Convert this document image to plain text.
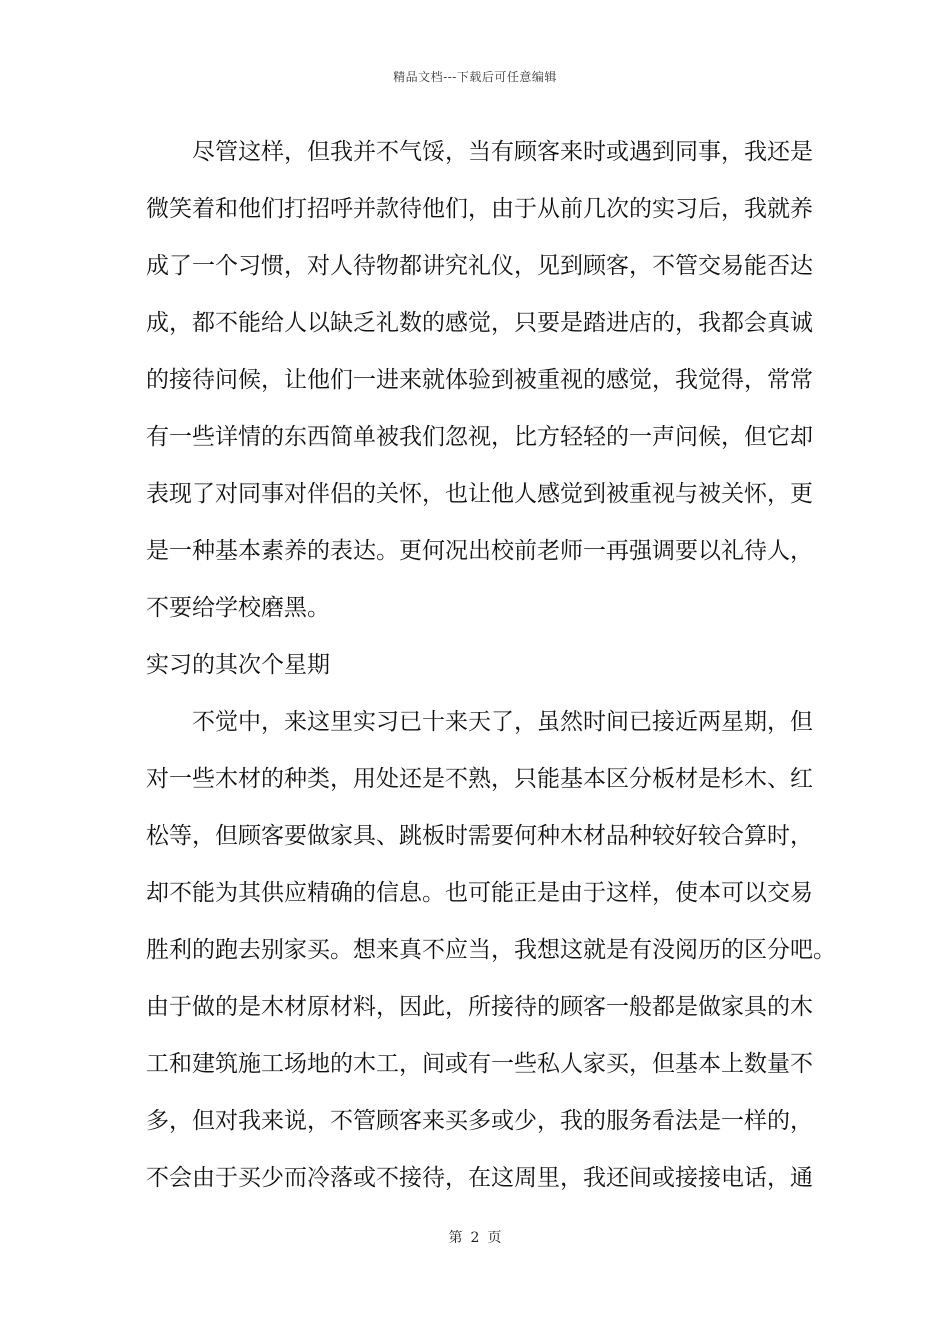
精品文档---下载后可任意编辑
尽管这样，但我并不气馁，当有顾客来时或遇到同事，我还是
微笑着和他们打招呼并款待他们，由于从前几次的实习后，我就养
成了一个习惯，对人待物都讲究礼仪，见到顾客，不管交易能否达
成，都不能给人以缺乏礼数的感觉，只要是踏进店的，我都会真诚
的接待问候，让他们一进来就体验到被重视的感觉，我觉得，常常
有一些详情的东西简单被我们忽视，比方轻轻的一声问候，但它却
表现了对同事对伴侣的关怀，也让他人感觉到被重视与被关怀，更
是一种基本素养的表达。更何况出校前老师一再强调要以礼待人，
不要给学校磨黑。
实习的其次个星期
不觉中，来这里实习已十来天了，虽然时间已接近两星期，但
对一些木材的种类，用处还是不熟，只能基本区分板材是杉木、红
松等，但顾客要做家具、跳板时需要何种木材品种较好较合算时，
却不能为其供应精确的信息。也可能正是由于这样，使本可以交易
胜利的跑去别家买。想来真不应当，我想这就是有没阅历的区分吧。
由于做的是木材原材料，因此，所接待的顾客一般都是做家具的木
工和建筑施工场地的木工，间或有一些私人家买，但基本上数量不
多，但对我来说，不管顾客来买多或少，我的服务看法是一样的，
不会由于买少而冷落或不接待，在这周里，我还间或接接电话，通
第 2 页
